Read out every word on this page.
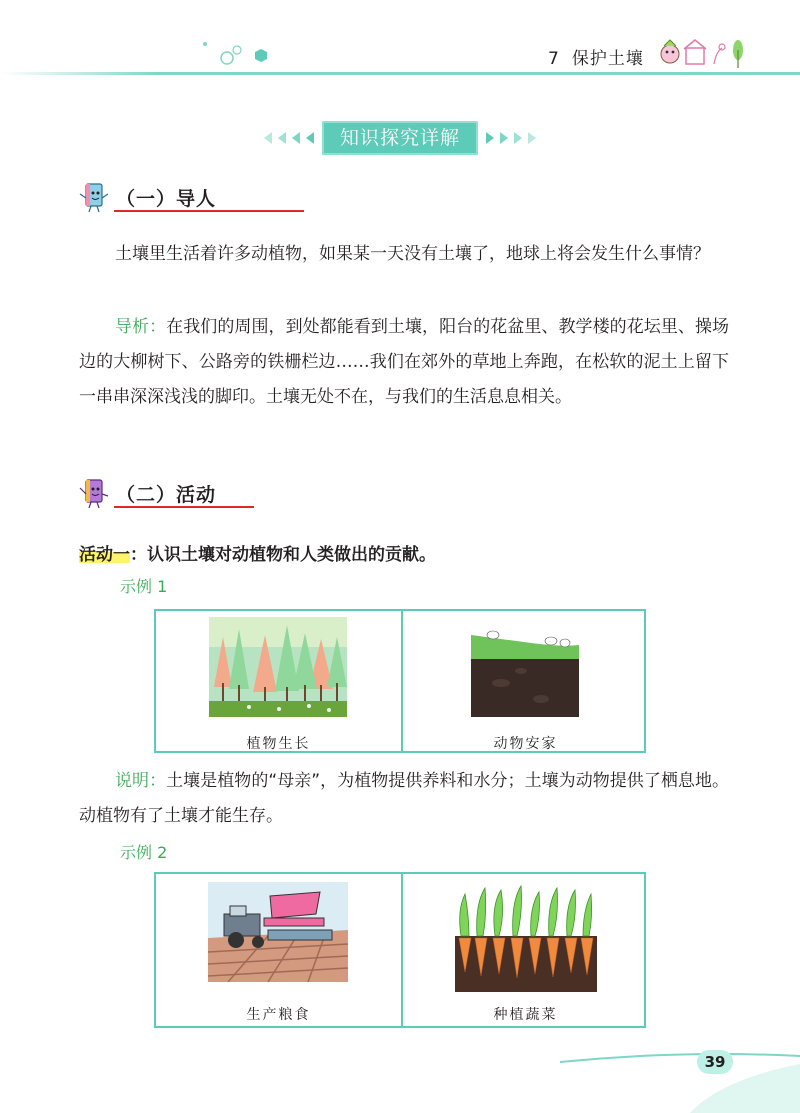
7 保护土壤
知识探究详解
（一）导人
土壤里生活着许多动植物，如果某一天没有土壤了，地球上将会发生什么事情？
导析：在我们的周围，到处都能看到土壤，阳台的花盆里、教学楼的花坛里、操场边的大柳树下、公路旁的铁栅栏边……我们在郊外的草地上奔跑，在松软的泥土上留下一串串深深浅浅的脚印。土壤无处不在，与我们的生活息息相关。
（二）活动
活动一：认识土壤对动植物和人类做出的贡献。
示例 1
植物生长	动物安家
说明：土壤是植物的“母亲”，为植物提供养料和水分；土壤为动物提供了栖息地。动植物有了土壤才能生存。
示例 2
生产粮食	种植蔬菜
39
